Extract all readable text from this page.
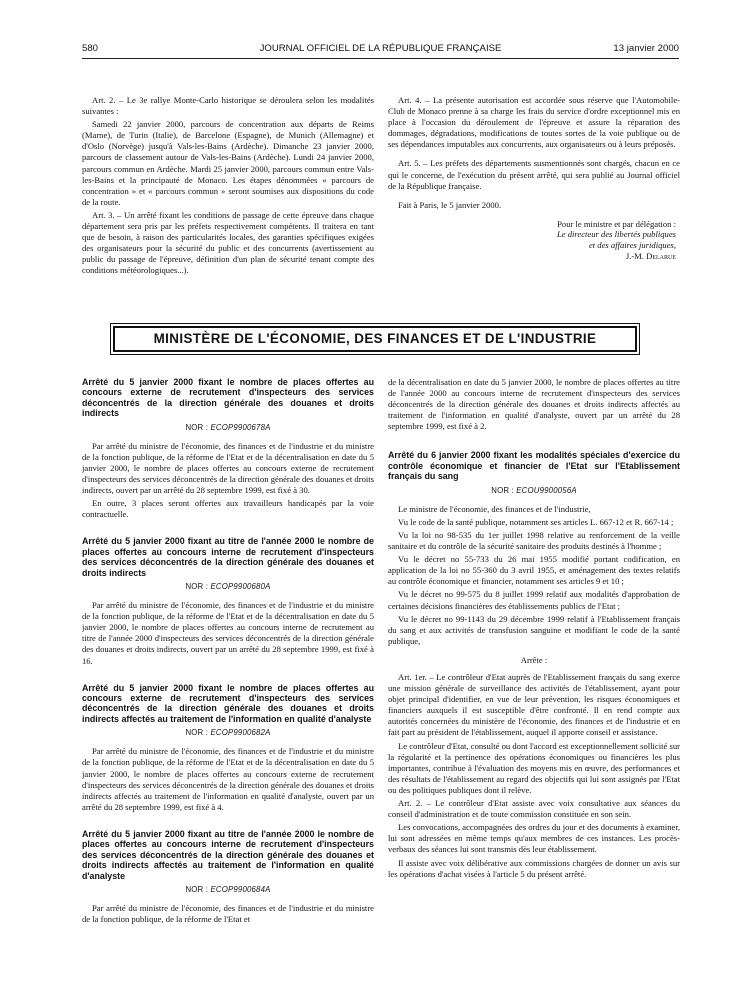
580	JOURNAL OFFICIEL DE LA RÉPUBLIQUE FRANÇAISE	13 janvier 2000

Art. 2. – Le 3e rallye Monte-Carlo historique se déroulera selon les modalités suivantes :

Samedi 22 janvier 2000, parcours de concentration aux départs de Reims (Marne), de Turin (Italie), de Barcelone (Espagne), de Munich (Allemagne) et d'Oslo (Norvège) jusqu'à Vals-les-Bains (Ardèche). Dimanche 23 janvier 2000, parcours de classement autour de Vals-les-Bains (Ardèche). Lundi 24 janvier 2000, parcours commun en Ardèche. Mardi 25 janvier 2000, parcours commun entre Vals-les-Bains et la principauté de Monaco. Les étapes dénommées « parcours de concentration » et « parcours commun » seront soumises aux dispositions du code de la route.

Art. 3. – Un arrêté fixant les conditions de passage de cette épreuve dans chaque département sera pris par les préfets respectivement compétents. Il traitera en tant que de besoin, à raison des particularités locales, des garanties spécifiques exigées des organisateurs pour la sécurité du public et des concurrents (avertissement au public du passage de l'épreuve, définition d'un plan de sécurité tenant compte des conditions météorologiques...).

Art. 4. – La présente autorisation est accordée sous réserve que l'Automobile-Club de Monaco prenne à sa charge les frais du service d'ordre exceptionnel mis en place à l'occasion du déroulement de l'épreuve et assure la réparation des dommages, dégradations, modifications de toutes sortes de la voie publique ou de ses dépendances imputables aux concurrents, aux organisateurs ou à leurs préposés.

Art. 5. – Les préfets des départements susmentionnés sont chargés, chacun en ce qui le concerne, de l'exécution du présent arrêté, qui sera publié au Journal officiel de la République française.

Fait à Paris, le 5 janvier 2000.

Pour le ministre et par délégation :
Le directeur des libertés publiques
et des affaires juridiques,
J.-M. Delarue
MINISTÈRE DE L'ÉCONOMIE, DES FINANCES ET DE L'INDUSTRIE

Arrêté du 5 janvier 2000 fixant le nombre de places offertes au concours externe de recrutement d'inspecteurs des services déconcentrés de la direction générale des douanes et droits indirects

NOR : ECOP9900678A

Par arrêté du ministre de l'économie, des finances et de l'industrie et du ministre de la fonction publique, de la réforme de l'Etat et de la décentralisation en date du 5 janvier 2000, le nombre de places offertes au concours externe de recrutement d'inspecteurs des services déconcentrés de la direction générale des douanes et droits indirects, ouvert par un arrêté du 28 septembre 1999, est fixé à 30.

En outre, 3 places seront offertes aux travailleurs handicapés par la voie contractuelle.

Arrêté du 5 janvier 2000 fixant au titre de l'année 2000 le nombre de places offertes au concours interne de recrutement d'inspecteurs des services déconcentrés de la direction générale des douanes et droits indirects

NOR : ECOP9900680A

Par arrêté du ministre de l'économie, des finances et de l'industrie et du ministre de la fonction publique, de la réforme de l'Etat et de la décentralisation en date du 5 janvier 2000, le nombre de places offertes au concours interne de recrutement au titre de l'année 2000 d'inspecteurs des services déconcentrés de la direction générale des douanes et droits indirects, ouvert par un arrêté du 28 septembre 1999, est fixé à 16.

Arrêté du 5 janvier 2000 fixant le nombre de places offertes au concours externe de recrutement d'inspecteurs des services déconcentrés de la direction générale des douanes et droits indirects affectés au traitement de l'information en qualité d'analyste

NOR : ECOP9900682A

Par arrêté du ministre de l'économie, des finances et de l'industrie et du ministre de la fonction publique, de la réforme de l'Etat et de la décentralisation en date du 5 janvier 2000, le nombre de places offertes au concours externe de recrutement d'inspecteurs des services déconcentrés de la direction générale des douanes et droits indirects affectés au traitement de l'information en qualité d'analyste, ouvert par un arrêté du 28 septembre 1999, est fixé à 4.

Arrêté du 5 janvier 2000 fixant au titre de l'année 2000 le nombre de places offertes au concours interne de recrutement d'inspecteurs des services déconcentrés de la direction générale des douanes et droits indirects affectés au traitement de l'information en qualité d'analyste

NOR : ECOP9900684A

Par arrêté du ministre de l'économie, des finances et de l'industrie et du ministre de la fonction publique, de la réforme de l'Etat et

de la décentralisation en date du 5 janvier 2000, le nombre de places offertes au titre de l'année 2000 au concours interne de recrutement d'inspecteurs des services déconcentrés de la direction générale des douanes et droits indirects affectés au traitement de l'information en qualité d'analyste, ouvert par un arrêté du 28 septembre 1999, est fixé à 2.

Arrêté du 6 janvier 2000 fixant les modalités spéciales d'exercice du contrôle économique et financier de l'Etat sur l'Etablissement français du sang

NOR : ECOU9900056A

Le ministre de l'économie, des finances et de l'industrie,

Vu le code de la santé publique, notamment ses articles L. 667-12 et R. 667-14 ;

Vu la loi no 98-535 du 1er juillet 1998 relative au renforcement de la veille sanitaire et du contrôle de la sécurité sanitaire des produits destinés à l'homme ;

Vu le décret no 55-733 du 26 mai 1955 modifié portant codification, en application de la loi no 55-360 du 3 avril 1955, et aménagement des textes relatifs au contrôle économique et financier, notamment ses articles 9 et 10 ;

Vu le décret no 99-575 du 8 juillet 1999 relatif aux modalités d'approbation de certaines décisions financières des établissements publics de l'Etat ;

Vu le décret no 99-1143 du 29 décembre 1999 relatif à l'Etablissement français du sang et aux activités de transfusion sanguine et modifiant le code de la santé publique,

Arrête :

Art. 1er. – Le contrôleur d'Etat auprès de l'Etablissement français du sang exerce une mission générale de surveillance des activités de l'établissement, ayant pour objet principal d'identifier, en vue de leur prévention, les risques économiques et financiers auxquels il est susceptible d'être confronté. Il en rend compte aux autorités concernées du ministère de l'économie, des finances et de l'industrie et en fait part au président de l'établissement, auquel il apporte conseil et assistance.

Le contrôleur d'Etat, consulté ou dont l'accord est exceptionnellement sollicité sur la régularité et la pertinence des opérations économiques ou financières les plus importantes, contribue à l'évaluation des moyens mis en œuvre, des performances et des résultats de l'établissement au regard des objectifs qui lui sont assignés par l'Etat ou des politiques publiques dont il relève.

Art. 2. – Le contrôleur d'Etat assiste avec voix consultative aux séances du conseil d'administration et de toute commission constituée en son sein.

Les convocations, accompagnées des ordres du jour et des documents à examiner, lui sont adressées en même temps qu'aux membres de ces instances. Les procès-verbaux des séances lui sont transmis dès leur établissement.

Il assiste avec voix délibérative aux commissions chargées de donner un avis sur les opérations d'achat visées à l'article 5 du présent arrêté.
